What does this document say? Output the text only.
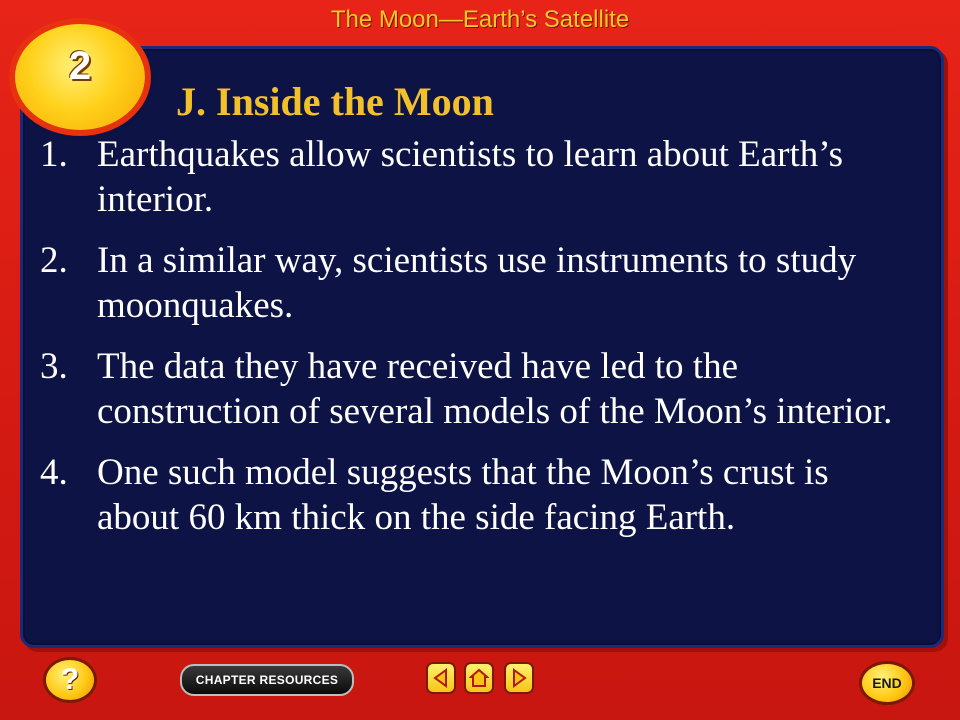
The Moon—Earth’s Satellite
2
J. Inside the Moon
1. Earthquakes allow scientists to learn about Earth’s interior.
2. In a similar way, scientists use instruments to study moonquakes.
3. The data they have received have led to the construction of several models of the Moon’s interior.
4. One such model suggests that the Moon’s crust is about 60 km thick on the side facing Earth.
?	CHAPTER RESOURCES	END
